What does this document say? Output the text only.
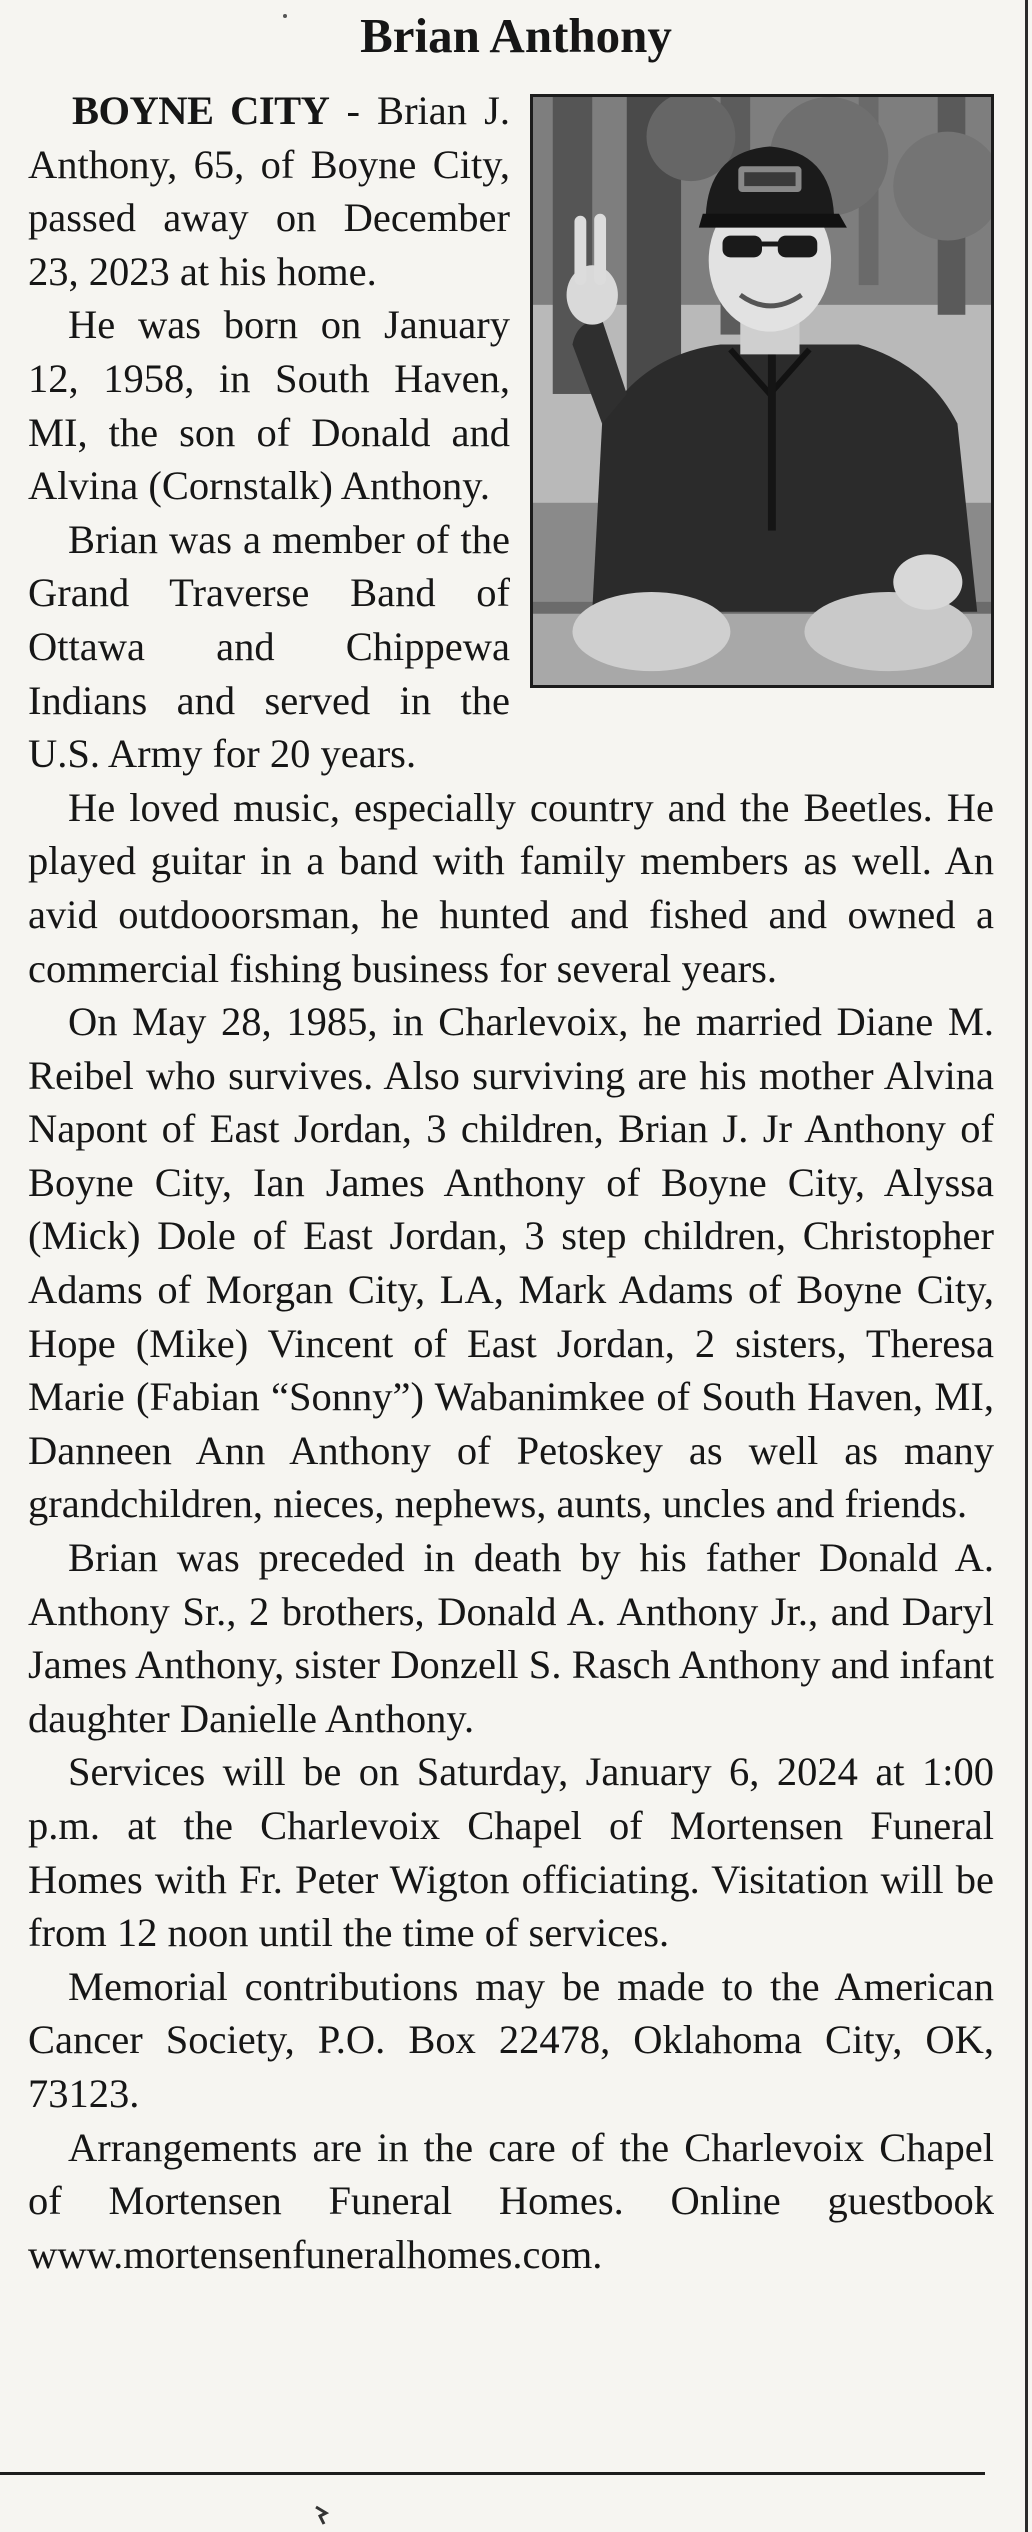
Brian Anthony

BOYNE CITY - Brian J. Anthony, 65, of Boyne City, passed away on December 23, 2023 at his home.

He was born on January 12, 1958, in South Haven, MI, the son of Donald and Alvina (Cornstalk) Anthony.

Brian was a member of the Grand Traverse Band of Ottawa and Chippewa Indians and served in the U.S. Army for 20 years.

He loved music, especially country and the Beetles. He played guitar in a band with family members as well. An avid outdooorsman, he hunted and fished and owned a commercial fishing business for several years.

On May 28, 1985, in Charlevoix, he married Diane M. Reibel who survives. Also surviving are his mother Alvina Napont of East Jordan, 3 children, Brian J. Jr Anthony of Boyne City, Ian James Anthony of Boyne City, Alyssa (Mick) Dole of East Jordan, 3 step children, Christopher Adams of Morgan City, LA, Mark Adams of Boyne City, Hope (Mike) Vincent of East Jordan, 2 sisters, Theresa Marie (Fabian “Sonny”) Wabanimkee of South Haven, MI, Danneen Ann Anthony of Petoskey as well as many grandchildren, nieces, nephews, aunts, uncles and friends.

Brian was preceded in death by his father Donald A. Anthony Sr., 2 brothers, Donald A. Anthony Jr., and Daryl James Anthony, sister Donzell S. Rasch Anthony and infant daughter Danielle Anthony.

Services will be on Saturday, January 6, 2024 at 1:00 p.m. at the Charlevoix Chapel of Mortensen Funeral Homes with Fr. Peter Wigton officiating. Visitation will be from 12 noon until the time of services.

Memorial contributions may be made to the American Cancer Society, P.O. Box 22478, Oklahoma City, OK, 73123.

Arrangements are in the care of the Charlevoix Chapel of Mortensen Funeral Homes. Online guestbook www.mortensenfuneralhomes.com.
